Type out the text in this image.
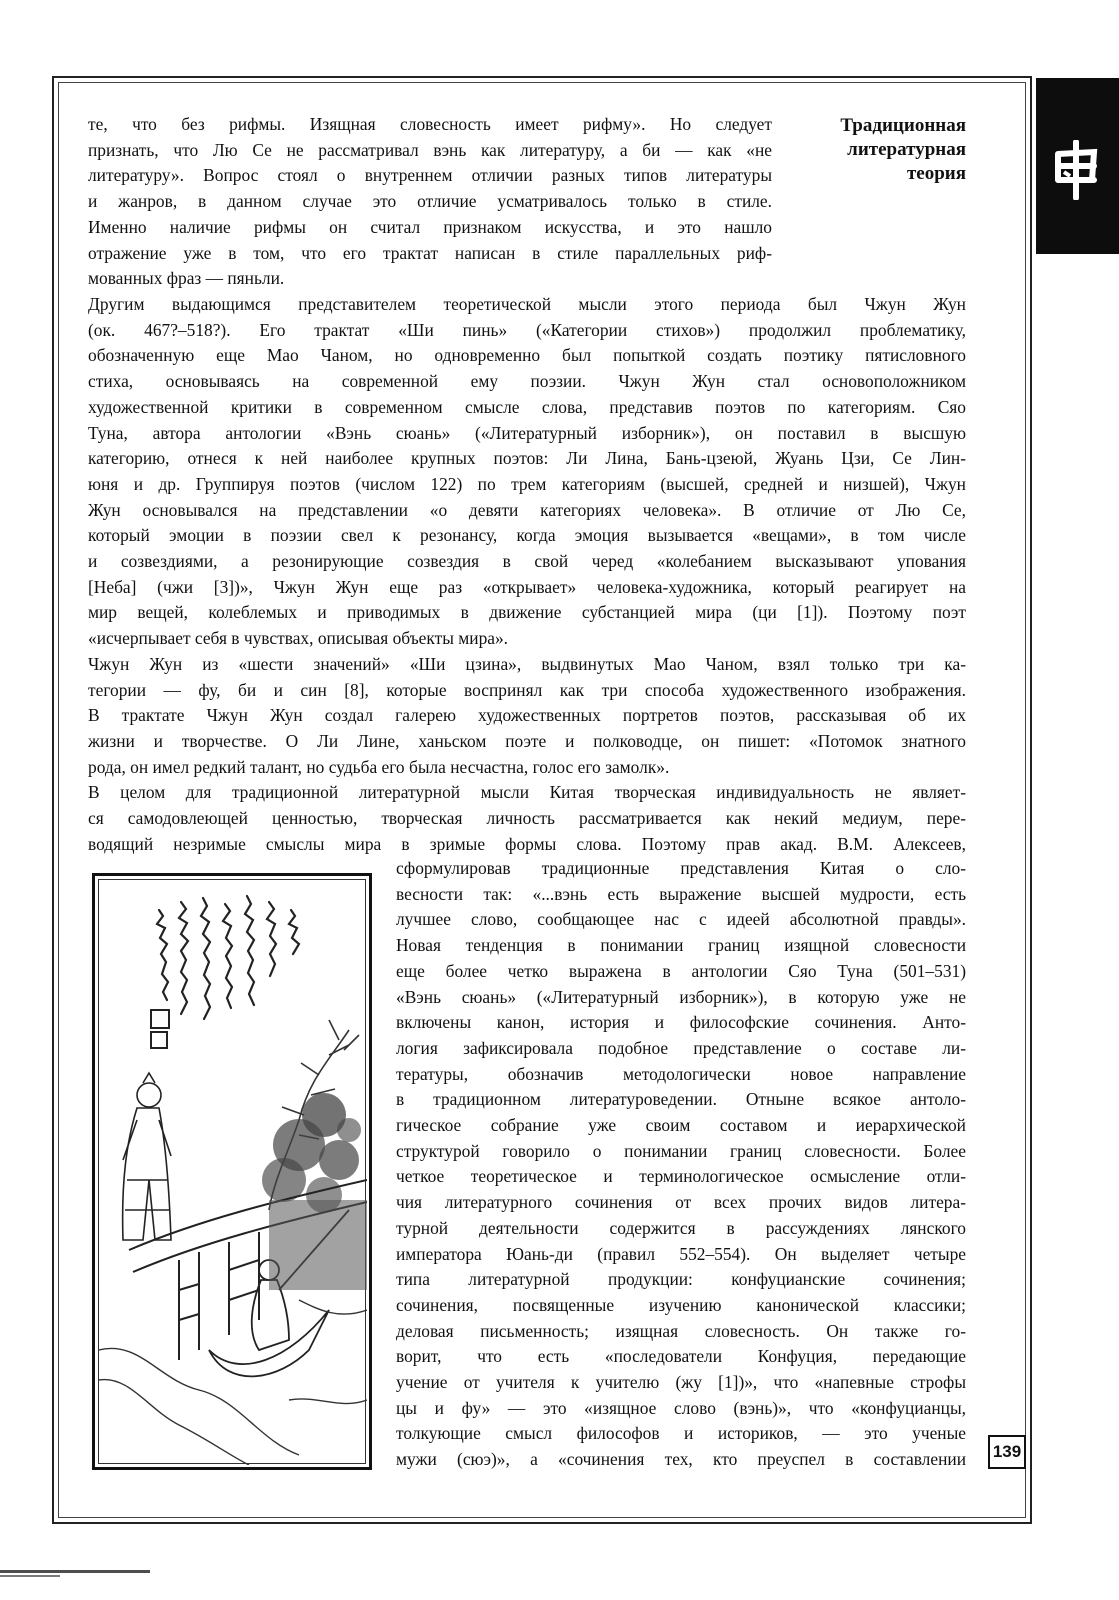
Традиционная
литературная
теория
те, что без рифмы. Изящная словесность имеет рифму». Но следует
признать, что Лю Се не рассматривал вэнь как литературу, а би — как «не
литературу». Вопрос стоял о внутреннем отличии разных типов литературы
и жанров, в данном случае это отличие усматривалось только в стиле.
Именно наличие рифмы он считал признаком искусства, и это нашло
отражение уже в том, что его трактат написан в стиле параллельных риф-
мованных фраз — пяньли.
Другим выдающимся представителем теоретической мысли этого периода был Чжун Жун
(ок. 467?–518?). Его трактат «Ши пинь» («Категории стихов») продолжил проблематику,
обозначенную еще Мао Чаном, но одновременно был попыткой создать поэтику пятисловного
стиха, основываясь на современной ему поэзии. Чжун Жун стал основоположником
художественной критики в современном смысле слова, представив поэтов по категориям. Сяо
Туна, автора антологии «Вэнь сюань» («Литературный изборник»), он поставил в высшую
категорию, отнеся к ней наиболее крупных поэтов: Ли Лина, Бань-цзеюй, Жуань Цзи, Се Лин-
юня и др. Группируя поэтов (числом 122) по трем категориям (высшей, средней и низшей), Чжун
Жун основывался на представлении «о девяти категориях человека». В отличие от Лю Се,
который эмоции в поэзии свел к резонансу, когда эмоция вызывается «вещами», в том числе
и созвездиями, а резонирующие созвездия в свой черед «колебанием высказывают упования
[Неба] (чжи [3])», Чжун Жун еще раз «открывает» человека-художника, который реагирует на
мир вещей, колеблемых и приводимых в движение субстанцией мира (ци [1]). Поэтому поэт
«исчерпывает себя в чувствах, описывая объекты мира».
Чжун Жун из «шести значений» «Ши цзина», выдвинутых Мао Чаном, взял только три ка-
тегории — фу, би и син [8], которые воспринял как три способа художественного изображения.
В трактате Чжун Жун создал галерею художественных портретов поэтов, рассказывая об их
жизни и творчестве. О Ли Лине, ханьском поэте и полководце, он пишет: «Потомок знатного
рода, он имел редкий талант, но судьба его была несчастна, голос его замолк».
В целом для традиционной литературной мысли Китая творческая индивидуальность не являет-
ся самодовлеющей ценностью, творческая личность рассматривается как некий медиум, пере-
водящий незримые смыслы мира в зримые формы слова. Поэтому прав акад. В.М. Алексеев,
сформулировав традиционные представления Китая о сло-
весности так: «...вэнь есть выражение высшей мудрости, есть
лучшее слово, сообщающее нас с идеей абсолютной правды».
Новая тенденция в понимании границ изящной словесности
еще более четко выражена в антологии Сяо Туна (501–531)
«Вэнь сюань» («Литературный изборник»), в которую уже не
включены канон, история и философские сочинения. Анто-
логия зафиксировала подобное представление о составе ли-
тературы, обозначив методологически новое направление
в традиционном литературоведении. Отныне всякое антоло-
гическое собрание уже своим составом и иерархической
структурой говорило о понимании границ словесности. Более
четкое теоретическое и терминологическое осмысление отли-
чия литературного сочинения от всех прочих видов литера-
турной деятельности содержится в рассуждениях лянского
императора Юань-ди (правил 552–554). Он выделяет четыре
типа литературной продукции: конфуцианские сочинения;
сочинения, посвященные изучению канонической классики;
деловая письменность; изящная словесность. Он также го-
ворит, что есть «последователи Конфуция, передающие
учение от учителя к учителю (жу [1])», что «напевные строфы
цы и фу» — это «изящное слово (вэнь)», что «конфуцианцы,
толкующие смысл философов и историков, — это ученые
мужи (сюэ)», а «сочинения тех, кто преуспел в составлении 139
